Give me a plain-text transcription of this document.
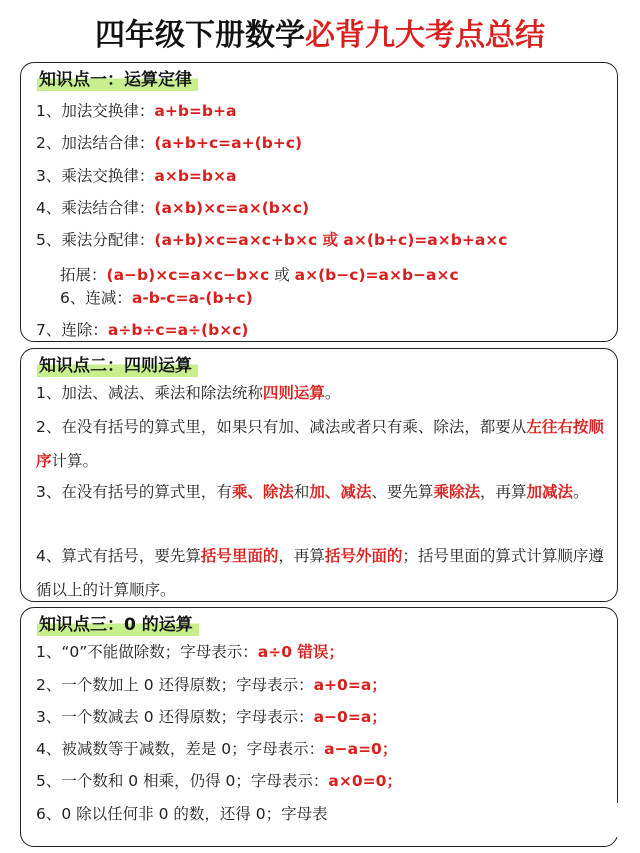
四年级下册数学必背九大考点总结
知识点一：运算定律
1、加法交换律：a+b=b+a
2、加法结合律：(a+b+c=a+(b+c)
3、乘法交换律：a×b=b×a
4、乘法结合律：(a×b)×c=a×(b×c)
5、乘法分配律：(a+b)×c=a×c+b×c 或 a×(b+c)=a×b+a×c
拓展：(a−b)×c=a×c−b×c 或 a×(b−c)=a×b−a×c
6、连减：a-b-c=a-(b+c)
7、连除：a÷b÷c=a÷(b×c)
知识点二：四则运算
1、加法、减法、乘法和除法统称四则运算。
2、在没有括号的算式里，如果只有加、减法或者只有乘、除法，都要从左往右按顺序计算。
3、在没有括号的算式里，有乘、除法和加、减法、要先算乘除法，再算加减法。
4、算式有括号，要先算括号里面的，再算括号外面的；括号里面的算式计算顺序遵循以上的计算顺序。
知识点三：0 的运算
1、“0”不能做除数；字母表示：a÷0 错误；
2、一个数加上 0 还得原数；字母表示：a+0=a；
3、一个数减去 0 还得原数；字母表示：a−0=a；
4、被减数等于减数，差是 0；字母表示：a−a=0；
5、一个数和 0 相乘，仍得 0；字母表示：a×0=0；
6、0 除以任何非 0 的数，还得 0；字母表
